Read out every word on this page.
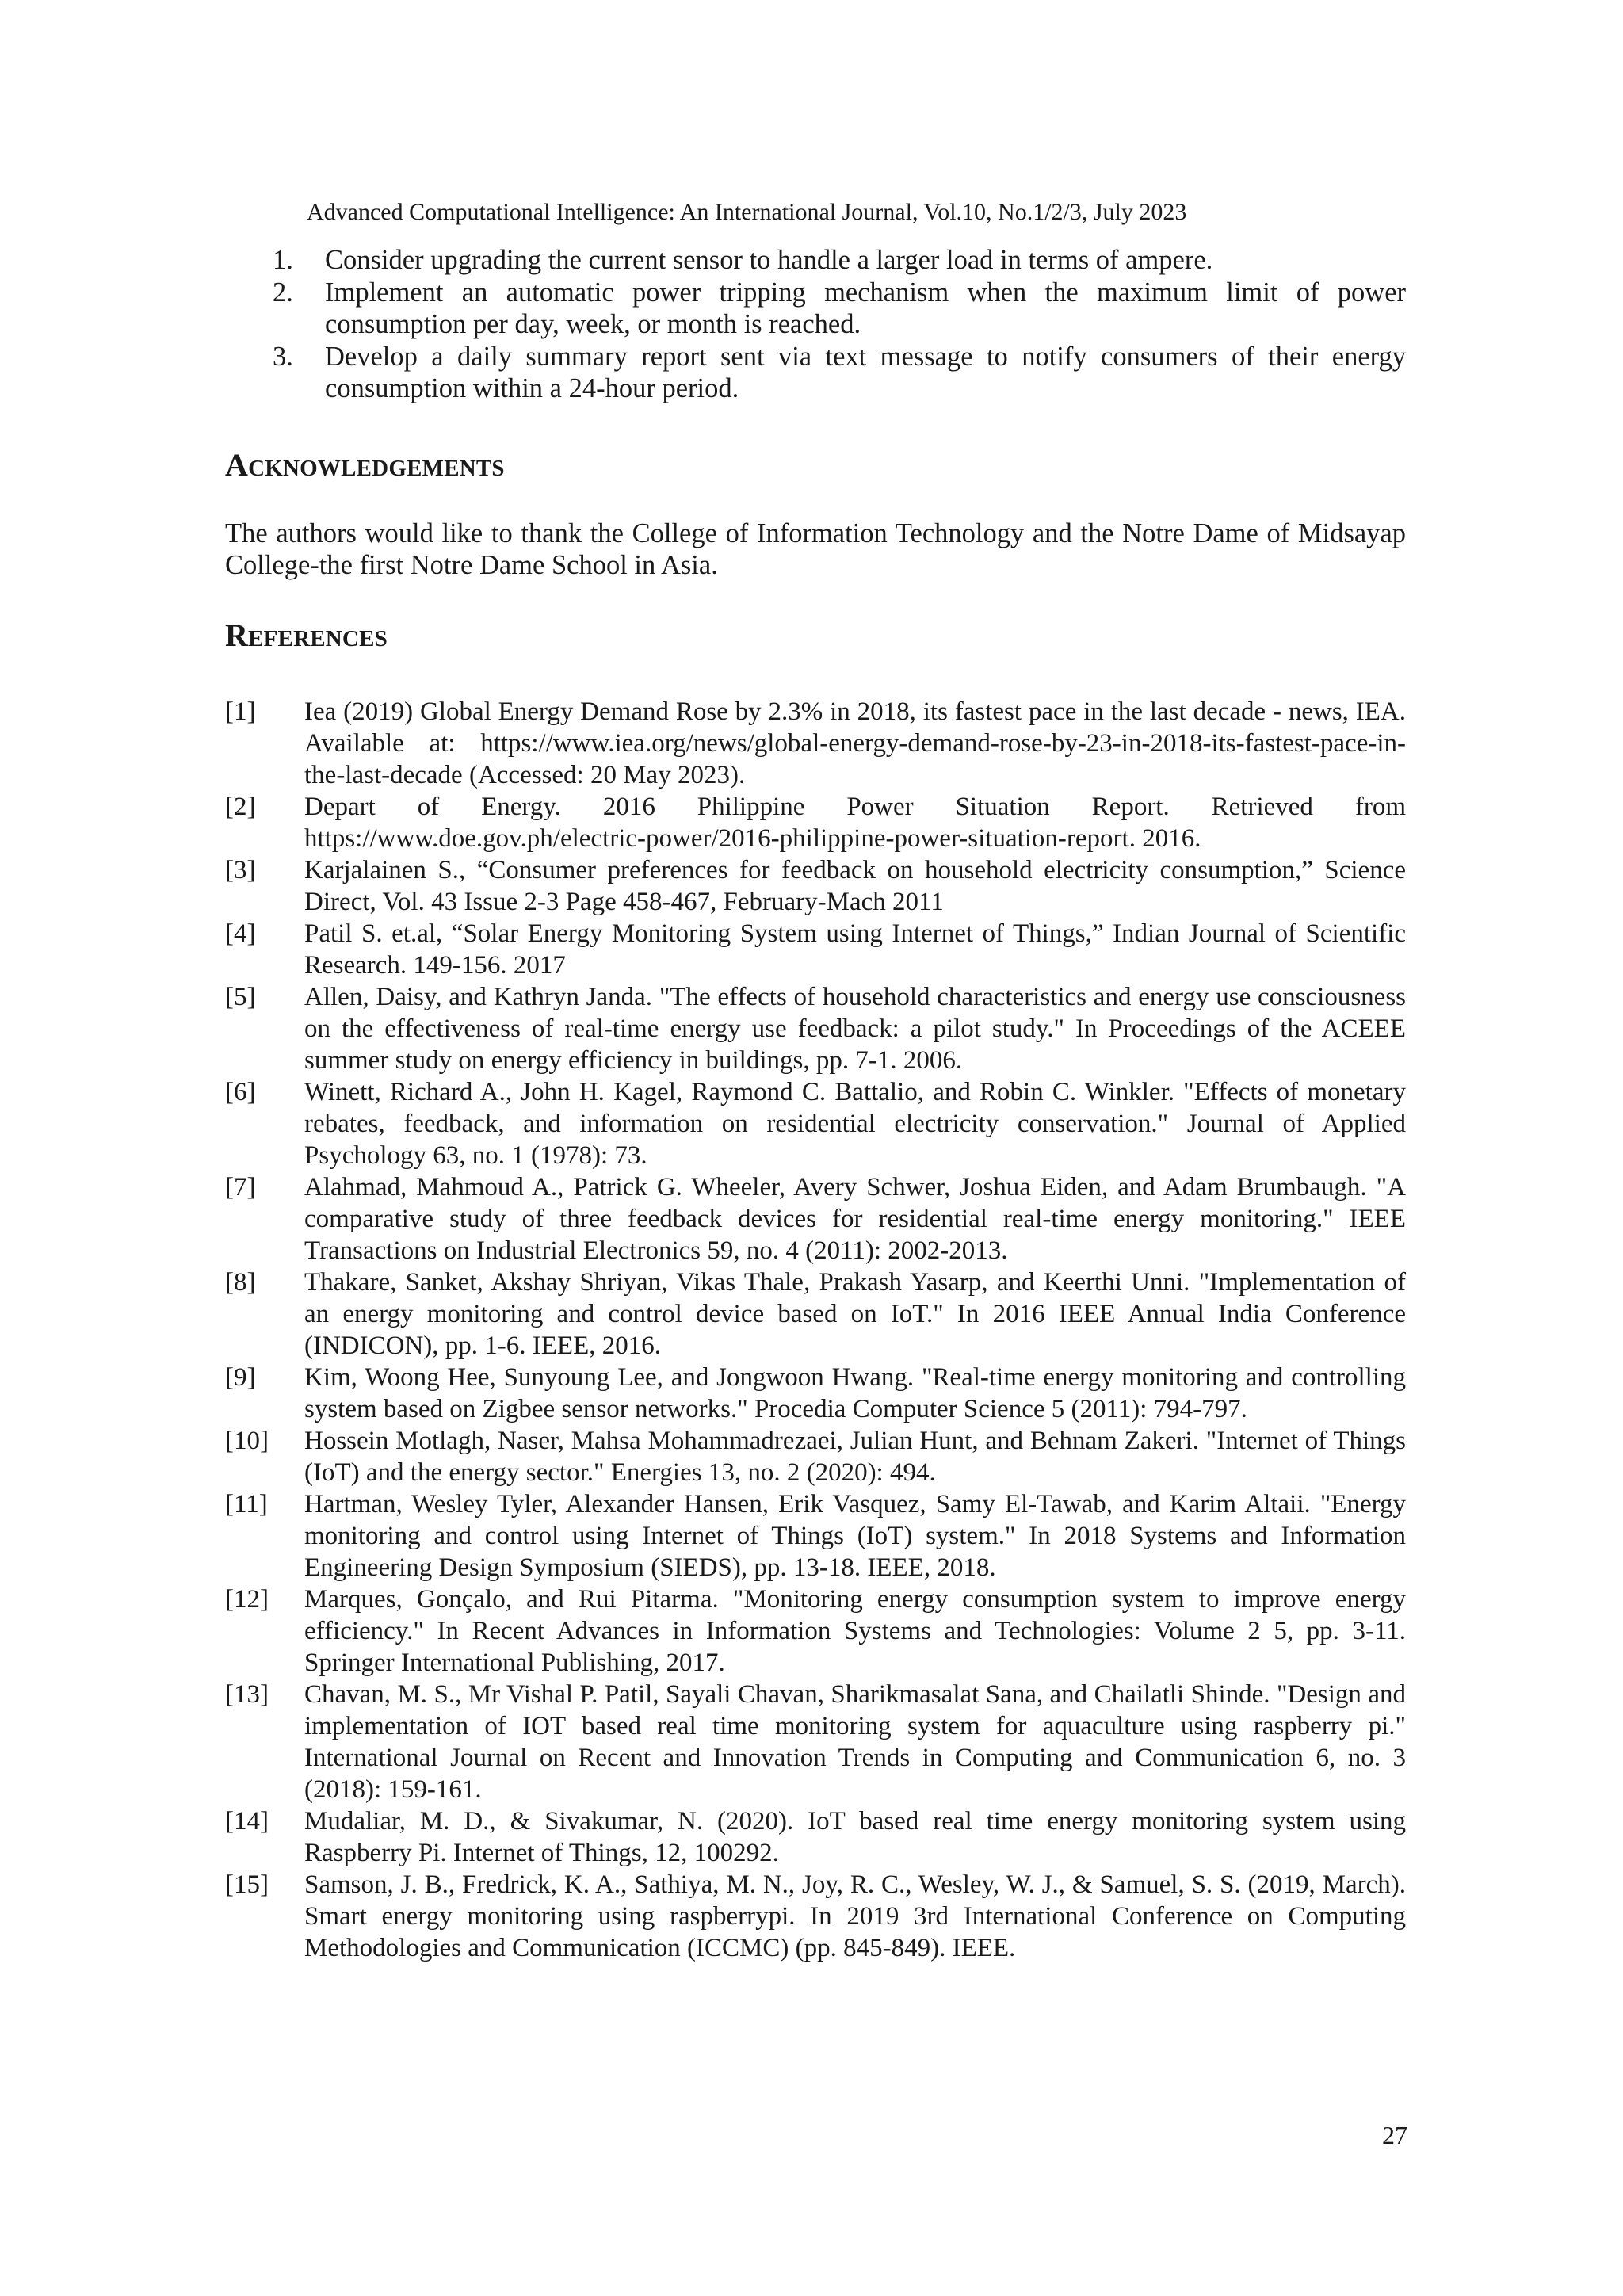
Advanced Computational Intelligence: An International Journal, Vol.10, No.1/2/3, July 2023
1. Consider upgrading the current sensor to handle a larger load in terms of ampere.
2. Implement an automatic power tripping mechanism when the maximum limit of power consumption per day, week, or month is reached.
3. Develop a daily summary report sent via text message to notify consumers of their energy consumption within a 24-hour period.
ACKNOWLEDGEMENTS

The authors would like to thank the College of Information Technology and the Notre Dame of Midsayap College-the first Notre Dame School in Asia.

REFERENCES
[1] Iea (2019) Global Energy Demand Rose by 2.3% in 2018, its fastest pace in the last decade - news, IEA. Available at: https://www.iea.org/news/global-energy-demand-rose-by-23-in-2018-its-fastest-pace-in-the-last-decade (Accessed: 20 May 2023).
[2] Depart of Energy. 2016 Philippine Power Situation Report. Retrieved from https://www.doe.gov.ph/electric-power/2016-philippine-power-situation-report. 2016.
[3] Karjalainen S., “Consumer preferences for feedback on household electricity consumption,” Science Direct, Vol. 43 Issue 2-3 Page 458-467, February-Mach 2011
[4] Patil S. et.al, “Solar Energy Monitoring System using Internet of Things,” Indian Journal of Scientific Research. 149-156. 2017
[5] Allen, Daisy, and Kathryn Janda. "The effects of household characteristics and energy use consciousness on the effectiveness of real-time energy use feedback: a pilot study." In Proceedings of the ACEEE summer study on energy efficiency in buildings, pp. 7-1. 2006.
[6] Winett, Richard A., John H. Kagel, Raymond C. Battalio, and Robin C. Winkler. "Effects of monetary rebates, feedback, and information on residential electricity conservation." Journal of Applied Psychology 63, no. 1 (1978): 73.
[7] Alahmad, Mahmoud A., Patrick G. Wheeler, Avery Schwer, Joshua Eiden, and Adam Brumbaugh. "A comparative study of three feedback devices for residential real-time energy monitoring." IEEE Transactions on Industrial Electronics 59, no. 4 (2011): 2002-2013.
[8] Thakare, Sanket, Akshay Shriyan, Vikas Thale, Prakash Yasarp, and Keerthi Unni. "Implementation of an energy monitoring and control device based on IoT." In 2016 IEEE Annual India Conference (INDICON), pp. 1-6. IEEE, 2016.
[9] Kim, Woong Hee, Sunyoung Lee, and Jongwoon Hwang. "Real-time energy monitoring and controlling system based on Zigbee sensor networks." Procedia Computer Science 5 (2011): 794-797.
[10] Hossein Motlagh, Naser, Mahsa Mohammadrezaei, Julian Hunt, and Behnam Zakeri. "Internet of Things (IoT) and the energy sector." Energies 13, no. 2 (2020): 494.
[11] Hartman, Wesley Tyler, Alexander Hansen, Erik Vasquez, Samy El-Tawab, and Karim Altaii. "Energy monitoring and control using Internet of Things (IoT) system." In 2018 Systems and Information Engineering Design Symposium (SIEDS), pp. 13-18. IEEE, 2018.
[12] Marques, Gonçalo, and Rui Pitarma. "Monitoring energy consumption system to improve energy efficiency." In Recent Advances in Information Systems and Technologies: Volume 2 5, pp. 3-11. Springer International Publishing, 2017.
[13] Chavan, M. S., Mr Vishal P. Patil, Sayali Chavan, Sharikmasalat Sana, and Chailatli Shinde. "Design and implementation of IOT based real time monitoring system for aquaculture using raspberry pi." International Journal on Recent and Innovation Trends in Computing and Communication 6, no. 3 (2018): 159-161.
[14] Mudaliar, M. D., & Sivakumar, N. (2020). IoT based real time energy monitoring system using Raspberry Pi. Internet of Things, 12, 100292.
[15] Samson, J. B., Fredrick, K. A., Sathiya, M. N., Joy, R. C., Wesley, W. J., & Samuel, S. S. (2019, March). Smart energy monitoring using raspberrypi. In 2019 3rd International Conference on Computing Methodologies and Communication (ICCMC) (pp. 845-849). IEEE.
27
